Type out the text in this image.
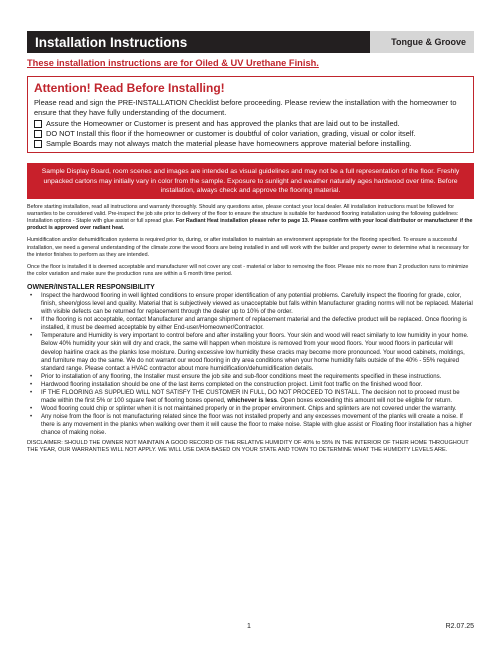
Installation Instructions	Tongue & Groove
These installation instructions are for Oiled & UV Urethane Finish.
Attention! Read Before Installing!
Please read and sign the PRE-INSTALLATION Checklist before proceeding. Please review the installation with the homeowner to ensure that they have fully understanding of the document.
Assure the Homeowner or Customer is present and has approved the planks that are laid out to be installed.
DO NOT Install this floor if the homeowner or customer is doubtful of color variation, grading, visual or color itself.
Sample Boards may not always match the material please have homeowners approve material before installing.
Sample Display Board, room scenes and images are intended as visual guidelines and may not be a full representation of the floor. Freshly unpacked cartons may initially vary in color from the sample. Exposure to sunlight and weather naturally ages hardwood over time. Before installation, always check and approve the flooring material.
Before starting installation, read all instructions and warranty thoroughly. Should any questions arise, please contact your local dealer. All installation instructions must be followed for warranties to be considered valid. Pre-inspect the job site prior to delivery of the floor to ensure the structure is suitable for hardwood flooring installation using the following guidelines:
Installation options - Staple with glue assist or full spread glue. For Radiant Heat installation please refer to page 13. Please confirm with your local distributor or manufacturer if the product is approved over radiant heat.
Humidification and/or dehumidification systems is required prior to, during, or after installation to maintain an environment appropriate for the flooring specified. To ensure a successful installation, we need a general understanding of the climate zone the wood floors are being installed in and will work with the builder and property owner to determine what is necessary for the interior finishes to perform as they are intended.
Once the floor is installed it is deemed acceptable and manufacturer will not cover any cost - material or labor to removing the floor. Please mix no more than 2 production runs to minimize the color variation and make sure the production runs are within a 6 month time period.
OWNER/INSTALLER RESPONSIBILITY
• Inspect the hardwood flooring in well lighted conditions to ensure proper identification of any potential problems. Carefully inspect the flooring for grade, color, finish, sheen/gloss level and quality. Material that is subjectively viewed as unacceptable but falls within Manufacturer grading norms will not be replaced. Material with visible defects can be returned for replacement through the dealer up to 10% of the order.
• If the flooring is not acceptable, contact Manufacturer and arrange shipment of replacement material and the defective product will be replaced. Once flooring is installed, it must be deemed acceptable by either End-user/Homeowner/Contractor.
• Temperature and Humidity is very important to control before and after installing your floors. Your skin and wood will react similarly to low humidity in your home. Below 40% humidity your skin will dry and crack, the same will happen when moisture is removed from your wood floors. Your wood floors in particular will develop hairline crack as the planks lose moisture. During excessive low humidity these cracks may become more pronounced. Your wood cabinets, moldings, and furniture may do the same. We do not warrant our wood flooring in dry area conditions when your home humidity falls outside of the 40% - 55% required standard range. Please contact a HVAC contractor about more humidification/dehumidification details.
• Prior to installation of any flooring, the Installer must ensure the job site and sub-floor conditions meet the requirements specified in these instructions.
• Hardwood flooring installation should be one of the last items completed on the construction project. Limit foot traffic on the finished wood floor.
• IF THE FLOORING AS SUPPLIED WILL NOT SATISFY THE CUSTOMER IN FULL, DO NOT PROCEED TO INSTALL. The decision not to proceed must be made within the first 5% or 100 square feet of flooring boxes opened, whichever is less. Open boxes exceeding this amount will not be eligible for return.
• Wood flooring could chip or splinter when it is not maintained properly or in the proper environment. Chips and splinters are not covered under the warranty.
• Any noise from the floor is not manufacturing related since the floor was not installed properly and any excesses movement of the planks will create a noise. If there is any movement in the planks when walking over them it will cause the floor to make noise. Staple with glue assist or Floating floor installation has a higher chance of making noise.
DISCLAIMER: SHOULD THE OWNER NOT MAINTAIN A GOOD RECORD OF THE RELATIVE HUMIDITY OF 40% to 55% IN THE INTERIOR OF THEIR HOME THROUGHOUT THE YEAR, OUR WARRANTIES WILL NOT APPLY. WE WILL USE DATA BASED ON YOUR STATE AND TOWN TO DETERMINE WHAT THE HUMIDITY LEVELS ARE.
1	R2.07.25
